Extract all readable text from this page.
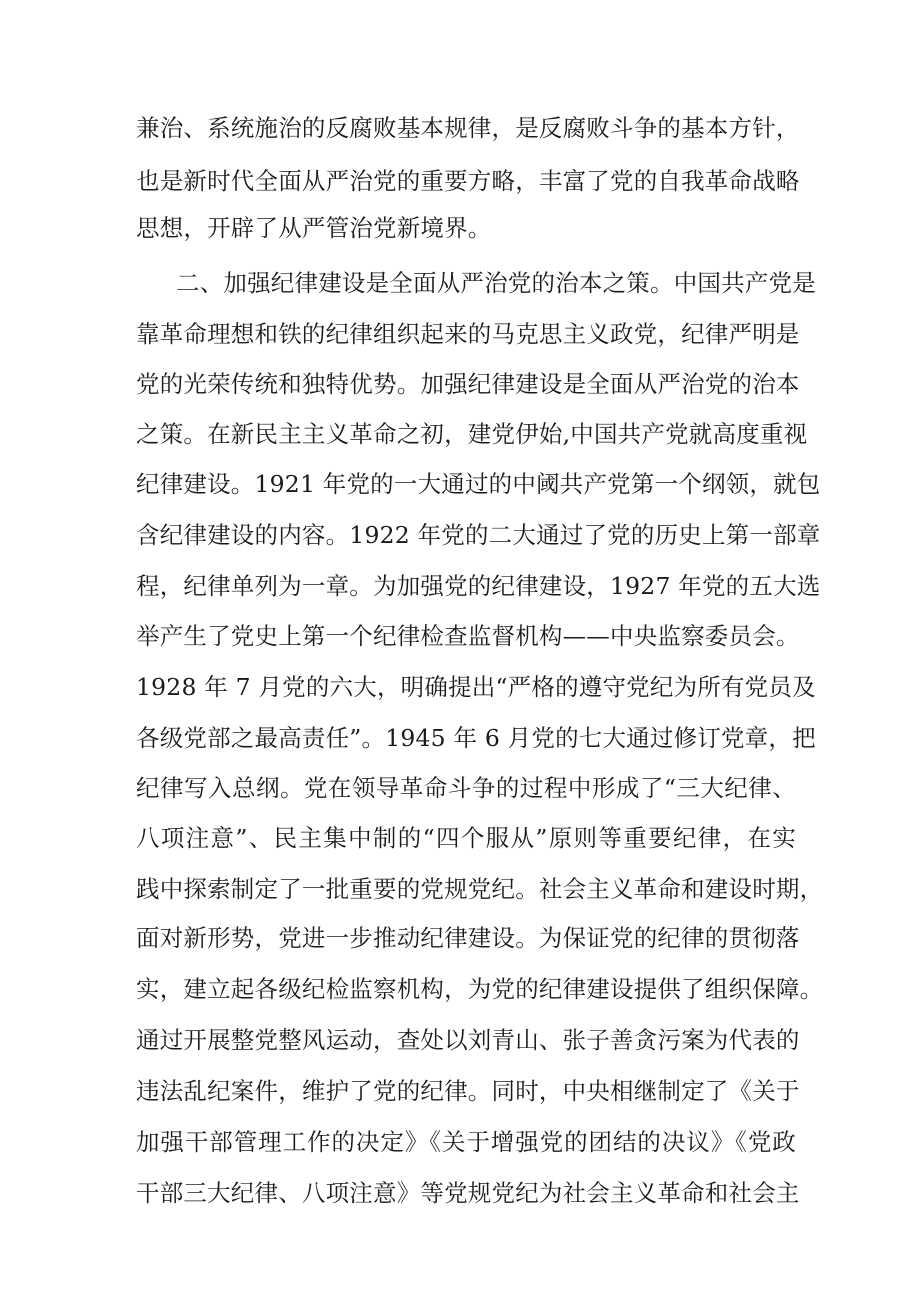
兼治、系统施治的反腐败基本规律，是反腐败斗争的基本方针，
也是新时代全面从严治党的重要方略，丰富了党的自我革命战略
思想，开辟了从严管治党新境界。
二、加强纪律建设是全面从严治党的治本之策。中国共产党是
靠革命理想和铁的纪律组织起来的马克思主义政党，纪律严明是
党的光荣传统和独特优势。加强纪律建设是全面从严治党的治本
之策。在新民主主义革命之初，建党伊始,中国共产党就高度重视
纪律建设。1921 年党的一大通过的中阈共产党第一个纲领，就包
含纪律建设的内容。1922 年党的二大通过了党的历史上第一部章
程，纪律单列为一章。为加强党的纪律建设，1927 年党的五大选
举产生了党史上第一个纪律检查监督机构——中央监察委员会。
1928 年 7 月党的六大，明确提出“严格的遵守党纪为所有党员及
各级党部之最高责任”。1945 年 6 月党的七大通过修订党章，把
纪律写入总纲。党在领导革命斗争的过程中形成了“三大纪律、
八项注意”、民主集中制的“四个服从”原则等重要纪律，在实
践中探索制定了一批重要的党规党纪。社会主义革命和建设时期，
面对新形势，党进一步推动纪律建设。为保证党的纪律的贯彻落
实，建立起各级纪检监察机构，为党的纪律建设提供了组织保障。
通过开展整党整风运动，查处以刘青山、张子善贪污案为代表的
违法乱纪案件，维护了党的纪律。同时，中央相继制定了《关于
加强干部管理工作的决定》《关于增强党的团结的决议》《党政
干部三大纪律、八项注意》等党规党纪为社会主义革命和社会主
